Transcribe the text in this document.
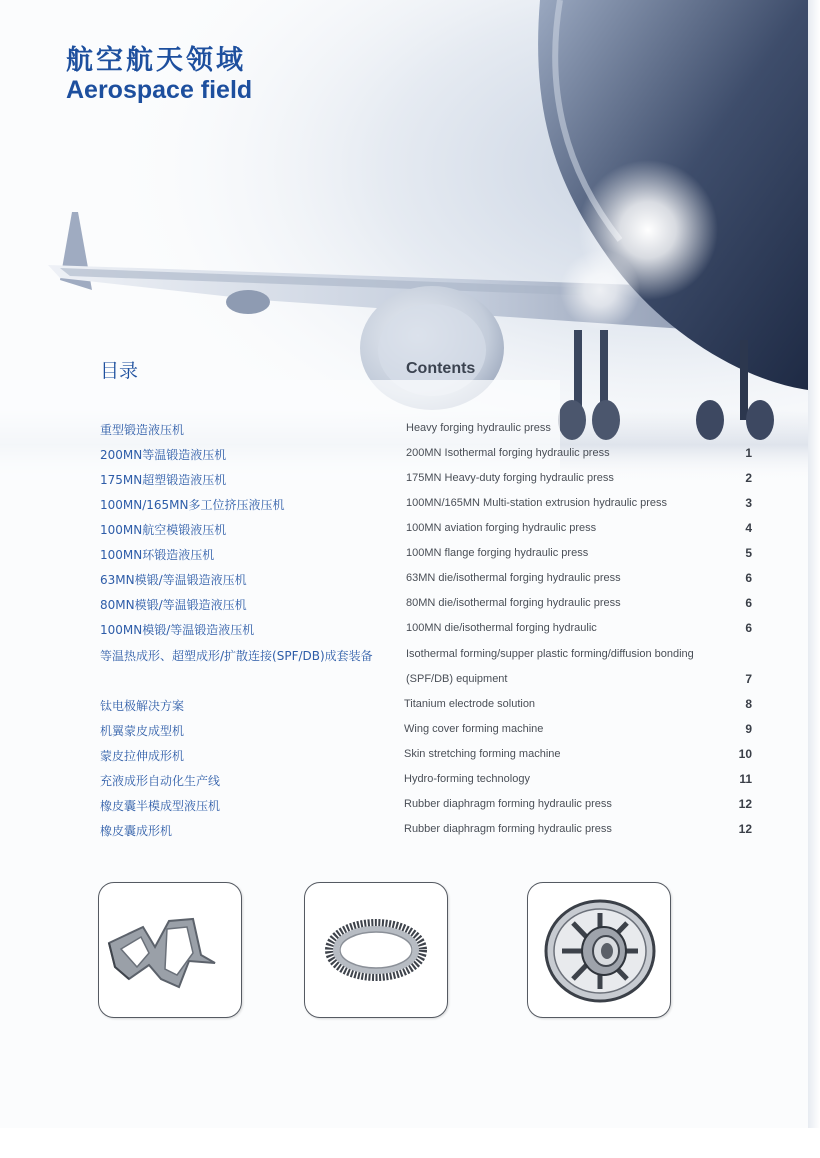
航空航天领域
Aerospace field
目录	Contents
重型锻造液压机	Heavy forging hydraulic press
200MN等温锻造液压机	200MN Isothermal forging hydraulic press	1
175MN超塑锻造液压机	175MN Heavy-duty forging hydraulic press	2
100MN/165MN多工位挤压液压机	100MN/165MN Multi-station extrusion hydraulic press	3
100MN航空模锻液压机	100MN aviation forging hydraulic press	4
100MN环锻造液压机	100MN flange forging hydraulic press	5
63MN模锻/等温锻造液压机	63MN die/isothermal forging hydraulic press	6
80MN模锻/等温锻造液压机	80MN die/isothermal forging hydraulic press	6
100MN模锻/等温锻造液压机	100MN die/isothermal forging hydraulic	6
等温热成形、超塑成形/扩散连接(SPF/DB)成套装备	Isothermal forming/supper plastic forming/diffusion bonding
(SPF/DB) equipment	7
钛电极解决方案	Titanium electrode solution	8
机翼蒙皮成型机	Wing cover forming machine	9
蒙皮拉伸成形机	Skin stretching forming machine	10
充液成形自动化生产线	Hydro-forming technology	11
橡皮囊半模成型液压机	Rubber diaphragm forming hydraulic press	12
橡皮囊成形机	Rubber diaphragm forming hydraulic press	12
